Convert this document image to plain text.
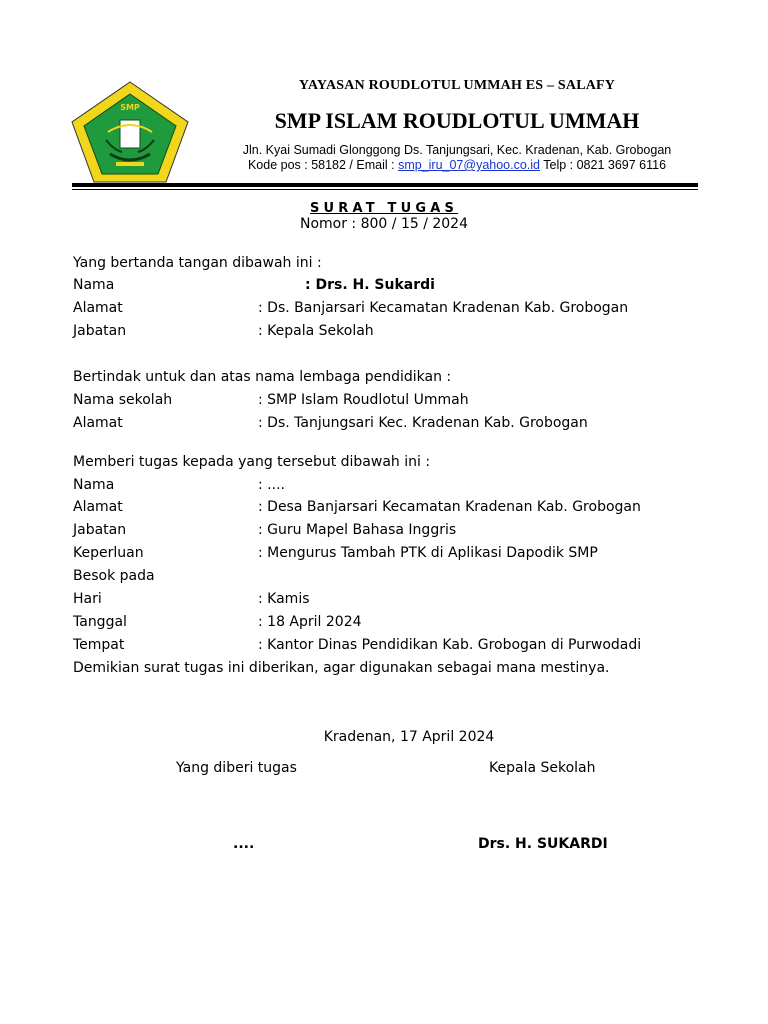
SMP
YAYASAN ROUDLOTUL UMMAH ES – SALAFY
SMP ISLAM ROUDLOTUL UMMAH
Jln. Kyai Sumadi Glonggong Ds. Tanjungsari, Kec. Kradenan, Kab. Grobogan
Kode pos : 58182 / Email : smp_iru_07@yahoo.co.id Telp : 0821 3697 6116
SURAT TUGAS
Nomor : 800 / 15 / 2024
Yang bertanda tangan dibawah ini :
Nama	: Drs. H. Sukardi
Alamat	: Ds. Banjarsari Kecamatan Kradenan Kab. Grobogan
Jabatan	: Kepala Sekolah
Bertindak untuk dan atas nama lembaga pendidikan :
Nama sekolah	: SMP Islam Roudlotul Ummah
Alamat	: Ds. Tanjungsari Kec. Kradenan Kab. Grobogan
Memberi tugas kepada yang tersebut dibawah ini :
Nama	: ....
Alamat	: Desa Banjarsari Kecamatan Kradenan Kab. Grobogan
Jabatan	: Guru Mapel Bahasa Inggris
Keperluan	: Mengurus Tambah PTK di Aplikasi Dapodik SMP
Besok pada
Hari	: Kamis
Tanggal	: 18 April 2024
Tempat	: Kantor Dinas Pendidikan Kab. Grobogan di Purwodadi
Demikian surat tugas ini diberikan, agar digunakan sebagai mana mestinya.
Kradenan, 17 April 2024
Yang diberi tugas	Kepala Sekolah
....	Drs. H. SUKARDI
